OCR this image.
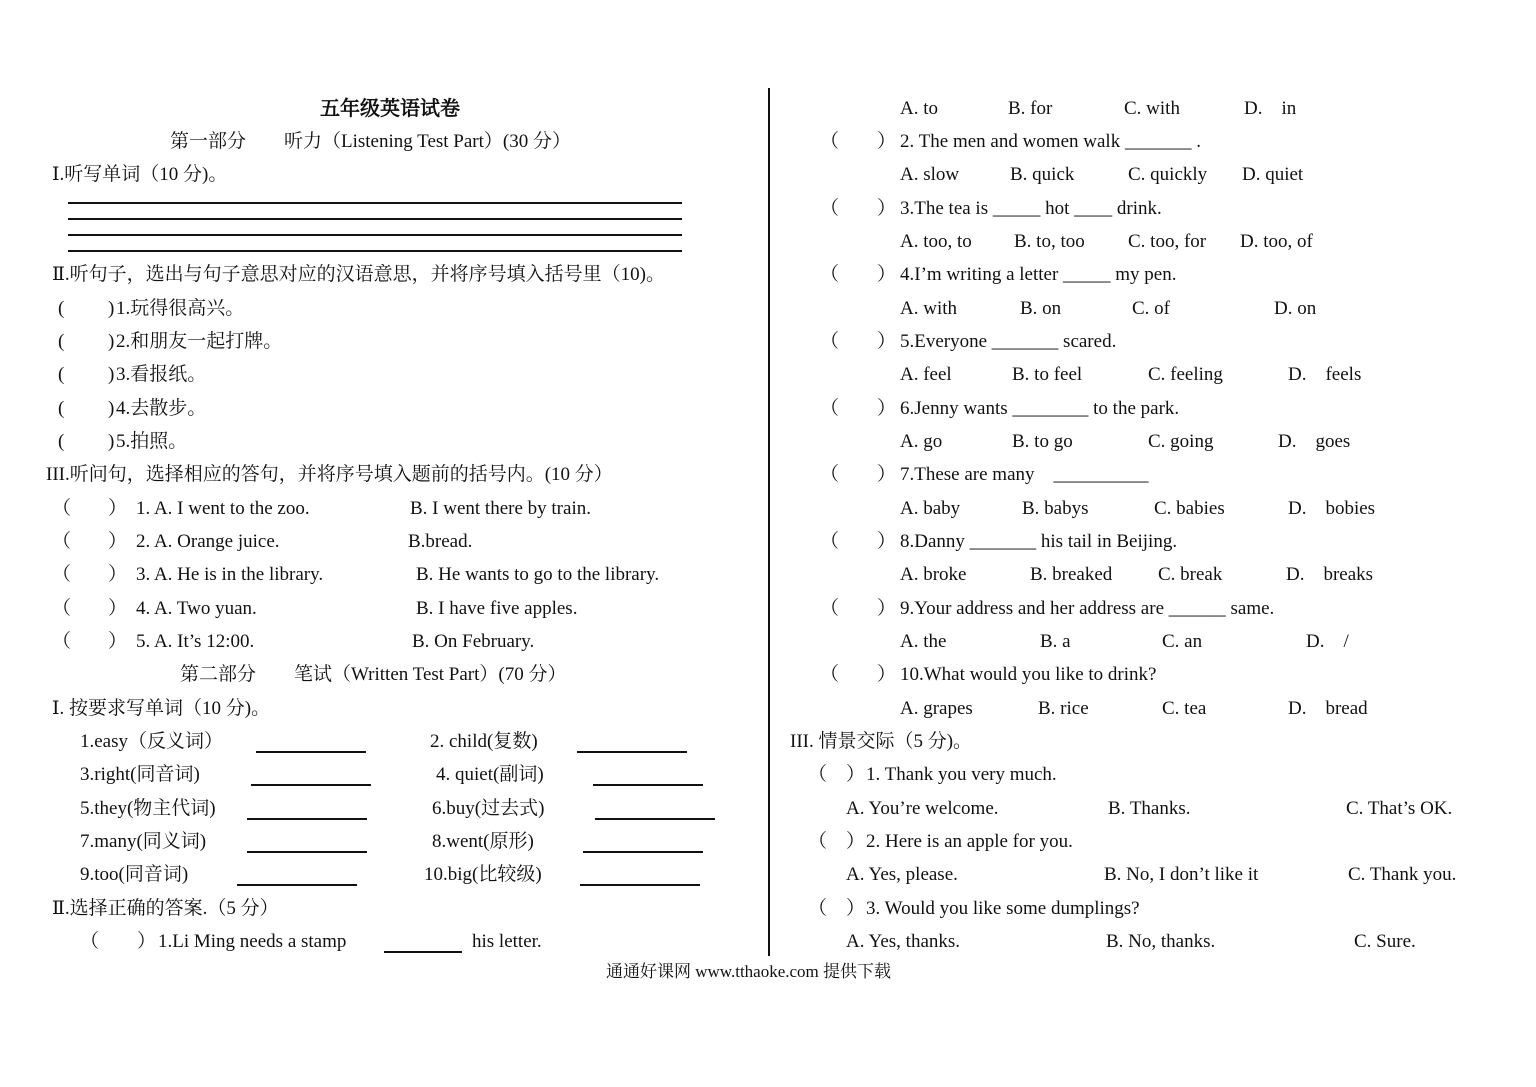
五年级英语试卷
第一部分　　听力（Listening Test Part）(30 分）
Ⅰ.听写单词（10 分)。
Ⅱ.听句子，选出与句子意思对应的汉语意思，并将序号填入括号里（10)。
( ) 1.玩得很高兴。
( ) 2.和朋友一起打牌。
( ) 3.看报纸。
( ) 4.去散步。
( ) 5.拍照。
III.听问句，选择相应的答句，并将序号填入题前的括号内。(10 分）
（ ） 1. A. I went to the zoo.	B. I went there by train.
（ ） 2. A. Orange juice.	B.bread.
（ ） 3. A. He is in the library.	B. He wants to go to the library.
（ ） 4. A. Two yuan.	B. I have five apples.
（ ） 5. A. It’s 12:00.	B. On February.
第二部分　　笔试（Written Test Part）(70 分）
Ⅰ. 按要求写单词（10 分)。
1.easy（反义词）	2. child(复数)
3.right(同音词)	4. quiet(副词)
5.they(物主代词)	6.buy(过去式)
7.many(同义词)	8.went(原形)
9.too(同音词)	10.big(比较级)
Ⅱ.选择正确的答案.（5 分）
（　　） 1.Li Ming needs a stamp	his letter.
A. to	B. for	C. with	D.　in
（　　） 2. The men and women walk _______ .
A. slow	B. quick	C. quickly D. quiet
（　　） 3.The tea is _____ hot ____ drink.
A. too, to B. to, too C. too, for D. too, of
（　　） 4.I’m writing a letter _____ my pen.
A. with	B. on	C. of	D. on
（　　） 5.Everyone _______ scared.
A. feel	B. to feel	C. feeling	D.　feels
（　　） 6.Jenny wants ________ to the park.
A. go	B. to go	C. going	D.　goes
（　　） 7.These are many　__________
A. baby	B. babys	C. babies	D.　bobies
（　　） 8.Danny _______ his tail in Beijing.
A. broke	B. breaked C. break	D.　breaks
（　　） 9.Your address and her address are ______ same.
A. the	B. a	C. an	D.　/
（　　） 10.What would you like to drink?
A. grapes	B. rice	C. tea	D.　bread
III. 情景交际（5 分)。
（　） 1. Thank you very much.
A. You’re welcome.	B. Thanks.	C. That’s OK.
（　） 2. Here is an apple for you.
A. Yes, please.	B. No, I don’t like it	C. Thank you.
（　） 3. Would you like some dumplings?
A. Yes, thanks.	B. No, thanks.	C. Sure.
通通好课网 www.tthaoke.com 提供下载
